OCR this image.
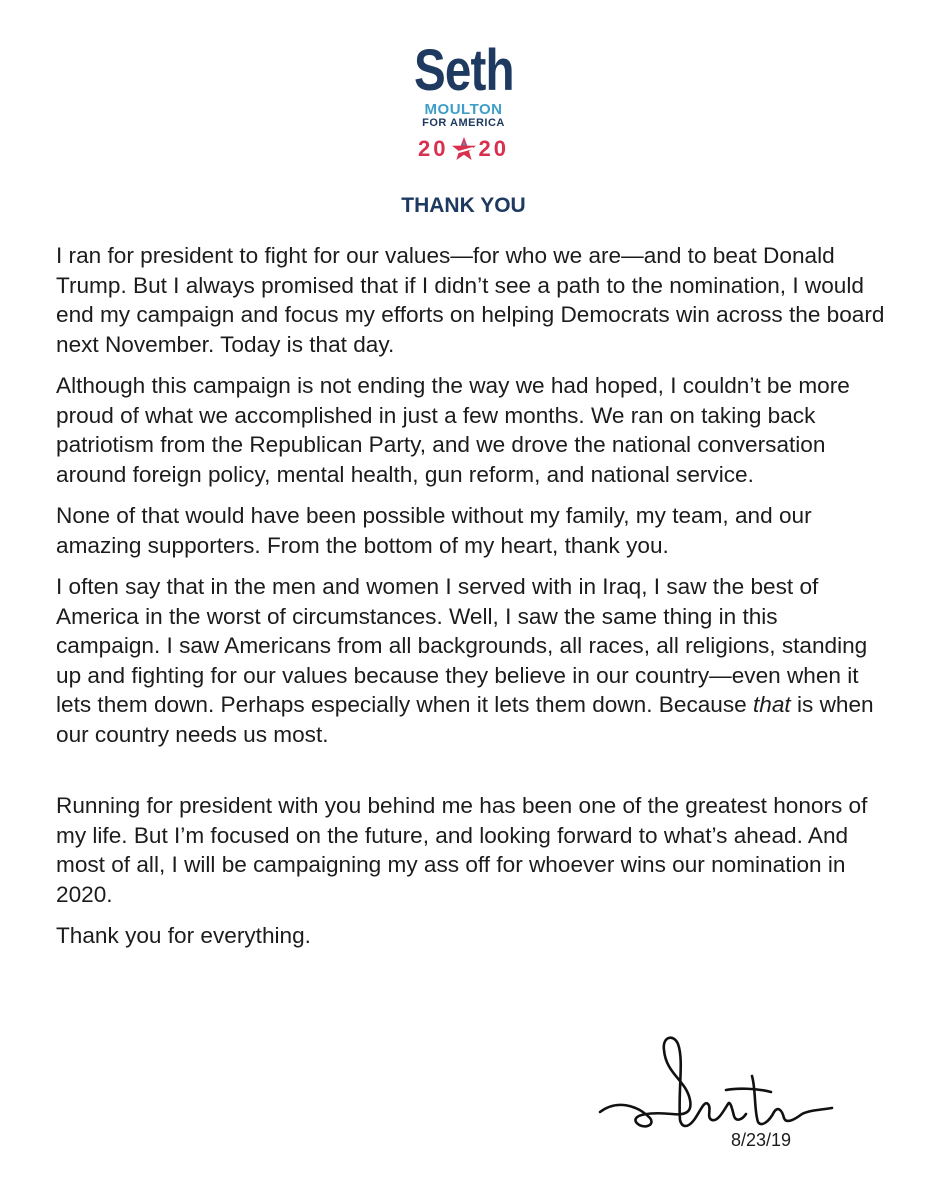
Seth
MOULTON
FOR AMERICA
20 20
THANK YOU

I ran for president to fight for our values—for who we are—and to beat Donald Trump. But I always promised that if I didn’t see a path to the nomination, I would end my campaign and focus my efforts on helping Democrats win across the board next November. Today is that day.

Although this campaign is not ending the way we had hoped, I couldn’t be more proud of what we accomplished in just a few months. We ran on taking back patriotism from the Republican Party, and we drove the national conversation around foreign policy, mental health, gun reform, and national service.

None of that would have been possible without my family, my team, and our amazing supporters. From the bottom of my heart, thank you.

I often say that in the men and women I served with in Iraq, I saw the best of America in the worst of circumstances. Well, I saw the same thing in this campaign. I saw Americans from all backgrounds, all races, all religions, standing up and fighting for our values because they believe in our country—even when it lets them down. Perhaps especially when it lets them down. Because that is when our country needs us most.

Running for president with you behind me has been one of the greatest honors of my life. But I’m focused on the future, and looking forward to what’s ahead. And most of all, I will be campaigning my ass off for whoever wins our nomination in 2020.

Thank you for everything.

8/23/19
